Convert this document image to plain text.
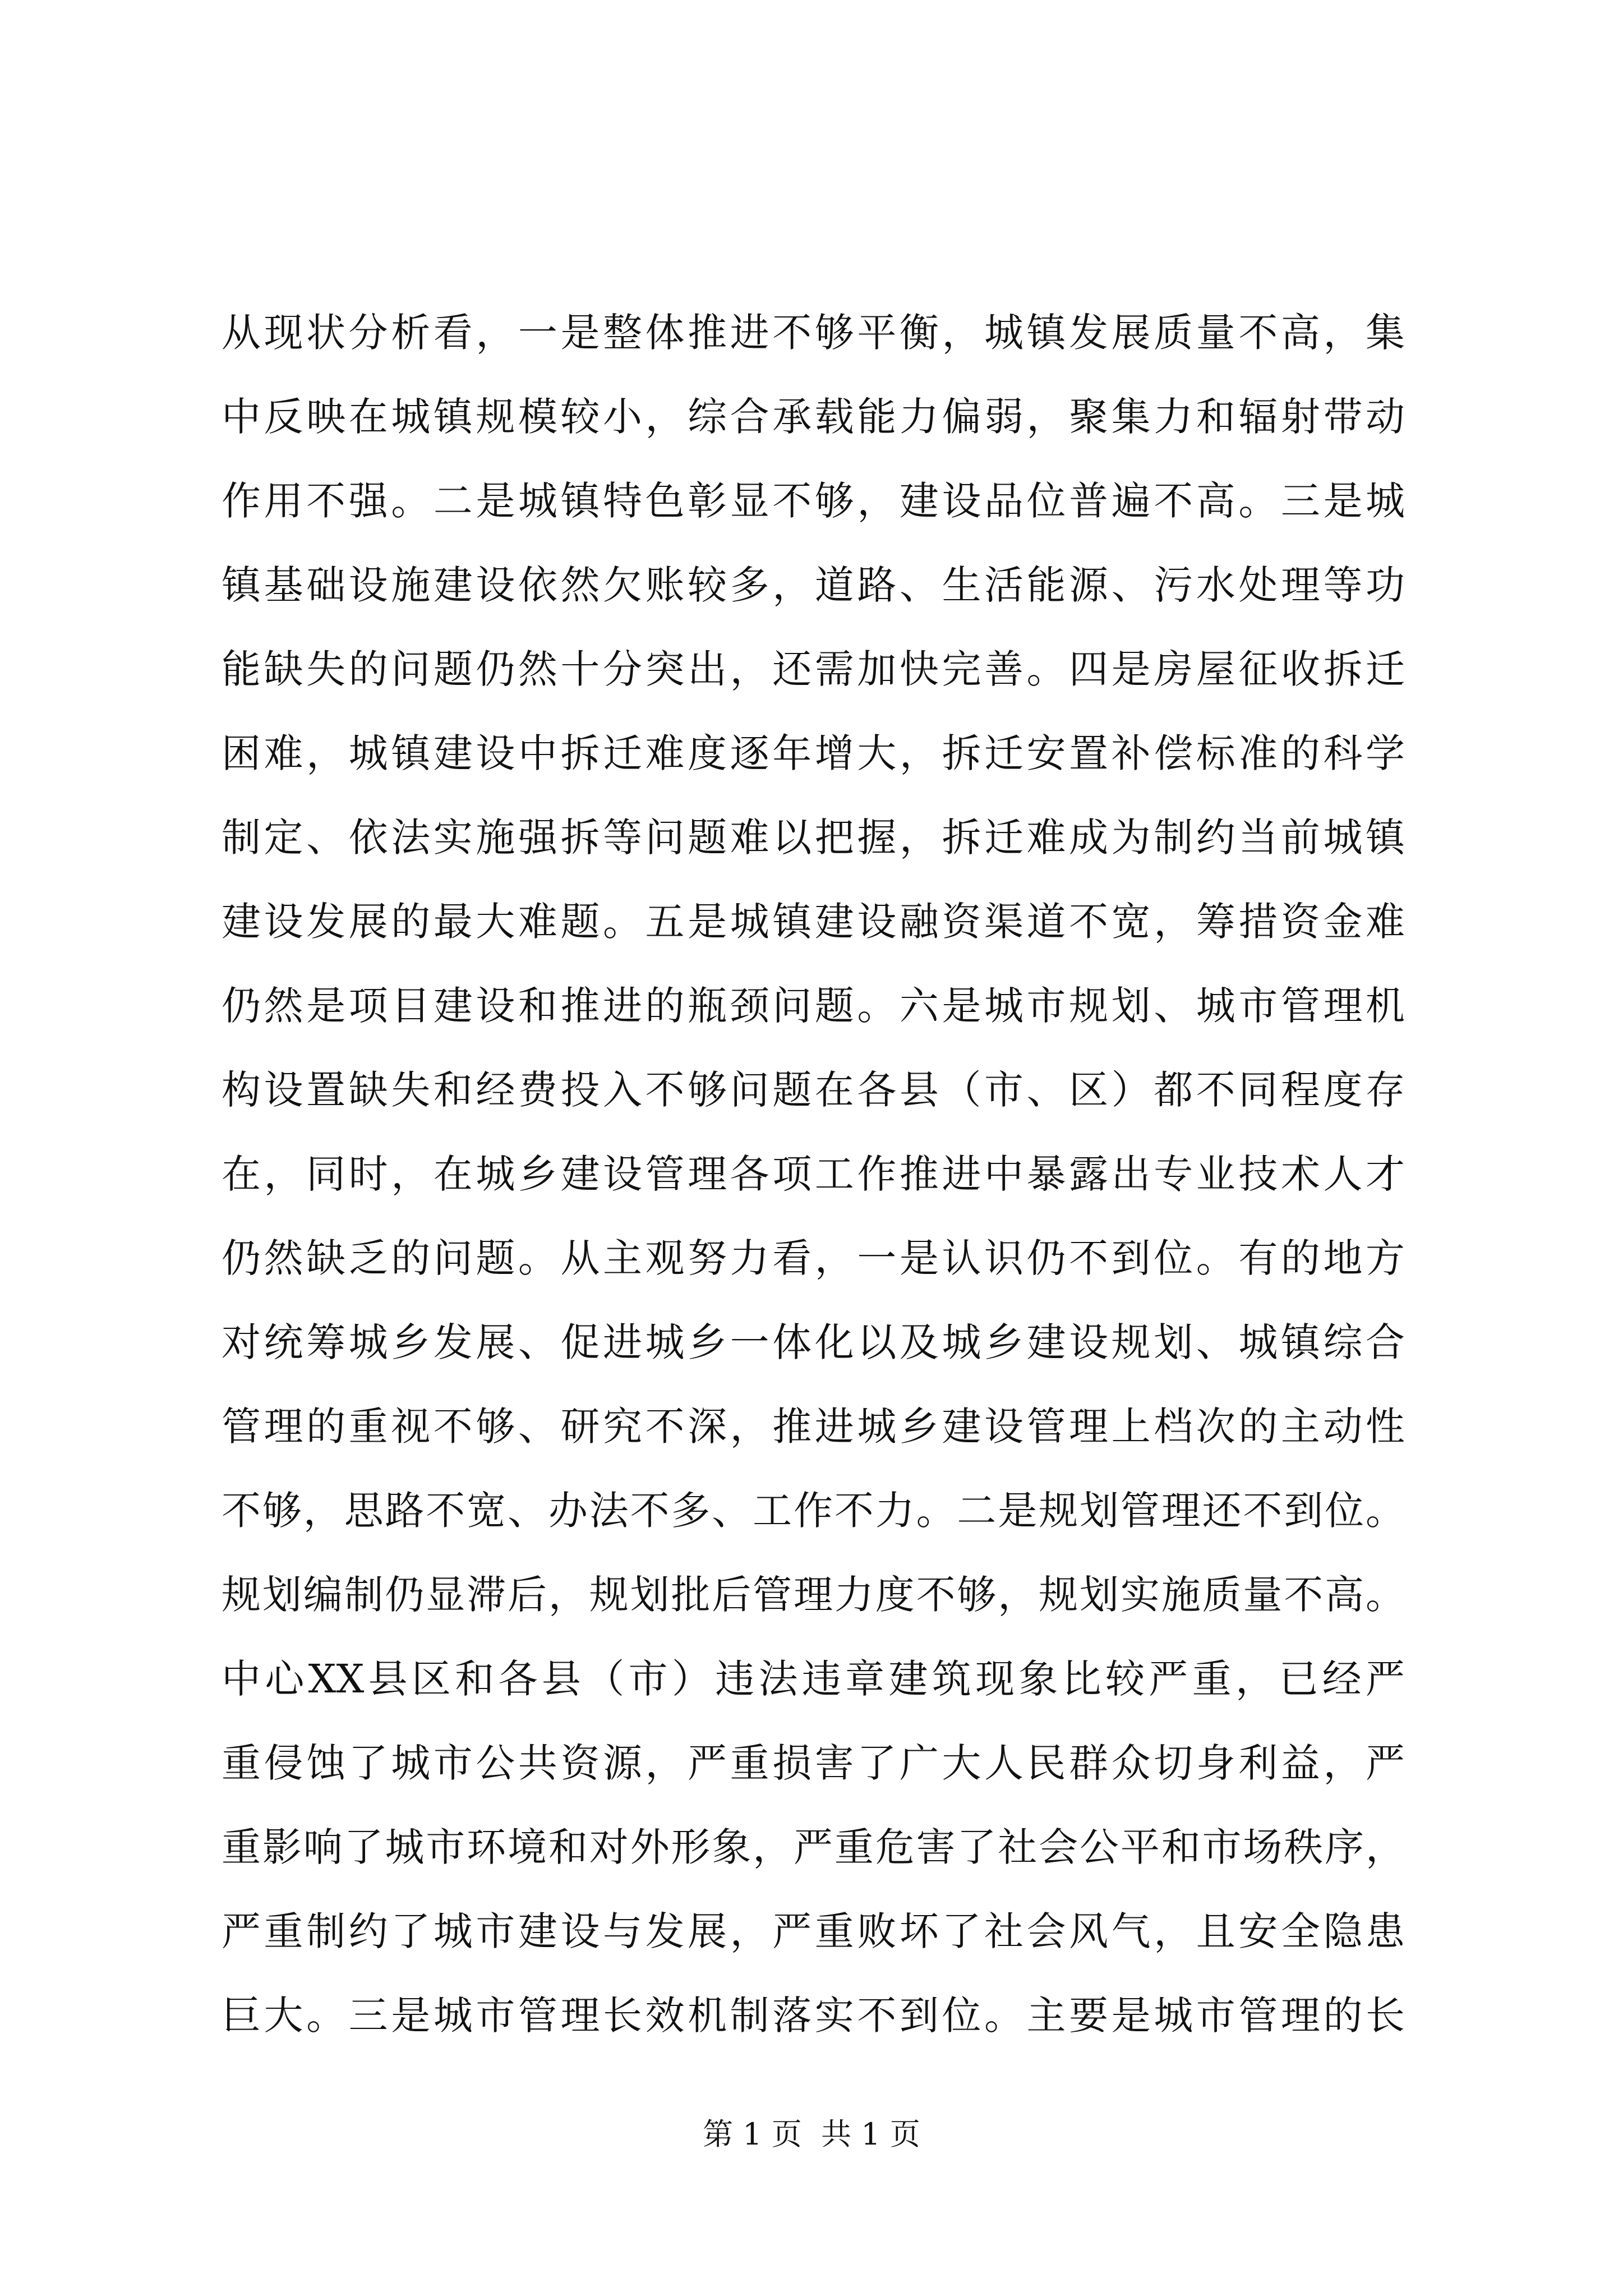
从现状分析看，一是整体推进不够平衡，城镇发展质量不高，集
中反映在城镇规模较小，综合承载能力偏弱，聚集力和辐射带动
作用不强。二是城镇特色彰显不够，建设品位普遍不高。三是城
镇基础设施建设依然欠账较多，道路、生活能源、污水处理等功
能缺失的问题仍然十分突出，还需加快完善。四是房屋征收拆迁
困难，城镇建设中拆迁难度逐年增大，拆迁安置补偿标准的科学
制定、依法实施强拆等问题难以把握，拆迁难成为制约当前城镇
建设发展的最大难题。五是城镇建设融资渠道不宽，筹措资金难
仍然是项目建设和推进的瓶颈问题。六是城市规划、城市管理机
构设置缺失和经费投入不够问题在各县（市、区）都不同程度存
在，同时，在城乡建设管理各项工作推进中暴露出专业技术人才
仍然缺乏的问题。从主观努力看，一是认识仍不到位。有的地方
对统筹城乡发展、促进城乡一体化以及城乡建设规划、城镇综合
管理的重视不够、研究不深，推进城乡建设管理上档次的主动性
不够，思路不宽、办法不多、工作不力。二是规划管理还不到位。
规划编制仍显滞后，规划批后管理力度不够，规划实施质量不高。
中心XX县区和各县（市）违法违章建筑现象比较严重，已经严
重侵蚀了城市公共资源，严重损害了广大人民群众切身利益，严
重影响了城市环境和对外形象，严重危害了社会公平和市场秩序，
严重制约了城市建设与发展，严重败坏了社会风气，且安全隐患
巨大。三是城市管理长效机制落实不到位。主要是城市管理的长
第 1 页  共 1 页
